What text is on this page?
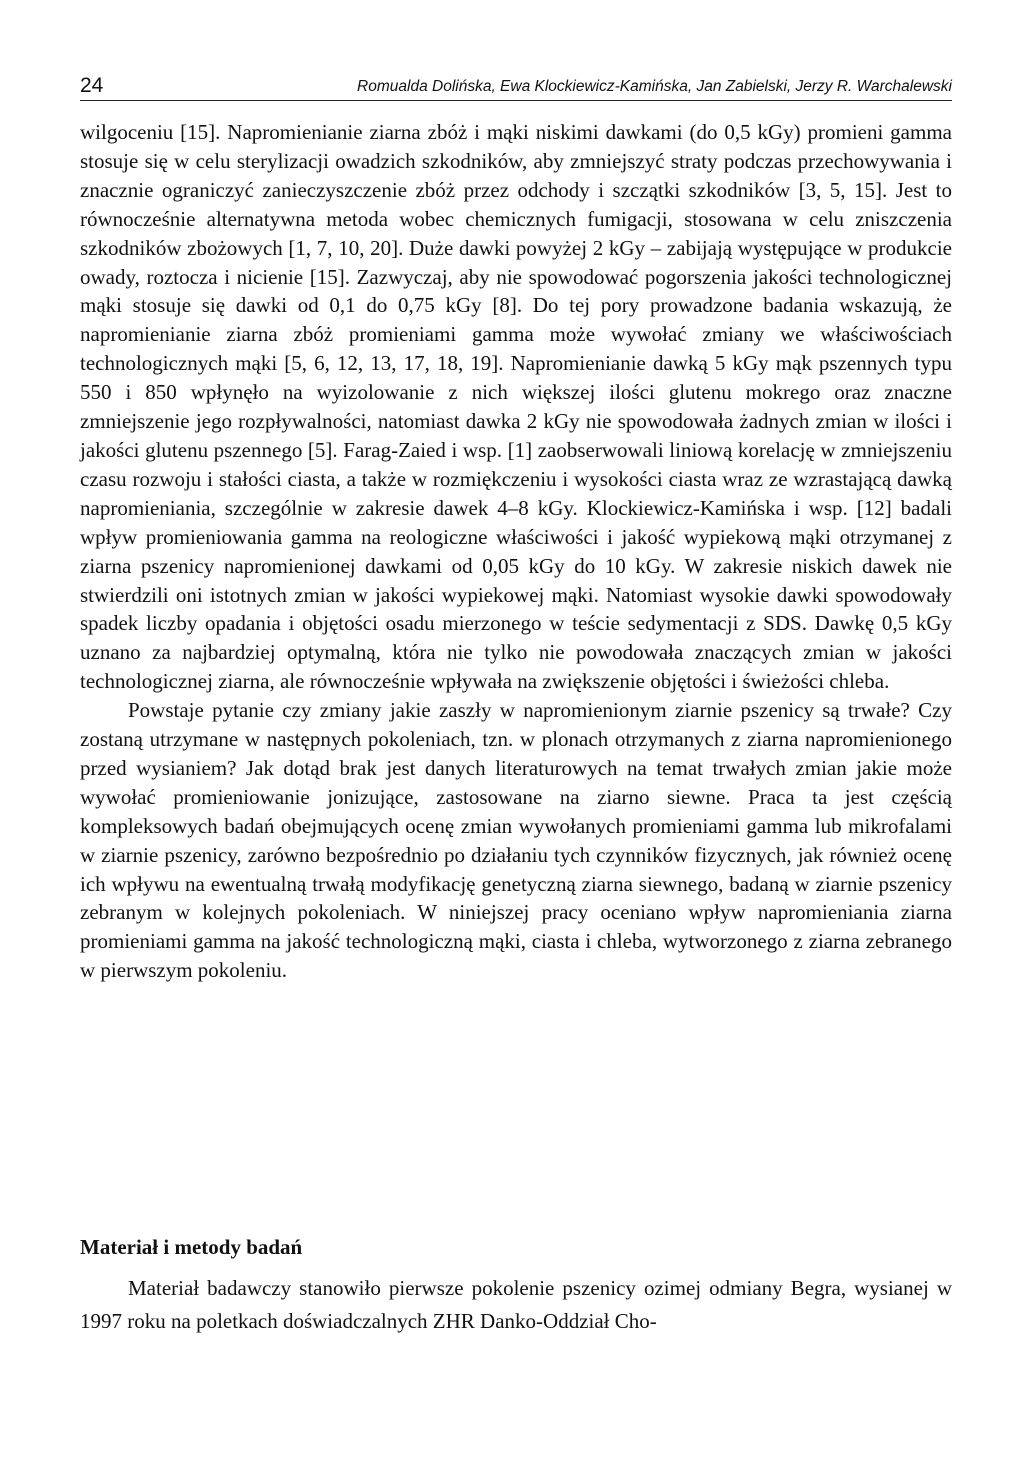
24	Romualda Dolińska, Ewa Klockiewicz-Kamińska, Jan Zabielski, Jerzy R. Warchalewski

wilgoceniu [15]. Napromienianie ziarna zbóż i mąki niskimi dawkami (do 0,5 kGy) promieni gamma stosuje się w celu sterylizacji owadzich szkodników, aby zmniejszyć straty podczas przechowywania i znacznie ograniczyć zanieczyszczenie zbóż przez odchody i szczątki szkodników [3, 5, 15]. Jest to równocześnie alternatywna metoda wobec chemicznych fumigacji, stosowana w celu zniszczenia szkodników zbożowych [1, 7, 10, 20]. Duże dawki powyżej 2 kGy – zabijają występujące w produkcie owady, roztocza i nicienie [15]. Zazwyczaj, aby nie spowodować pogorszenia jakości technologicznej mąki stosuje się dawki od 0,1 do 0,75 kGy [8]. Do tej pory prowadzone badania wskazują, że napromienianie ziarna zbóż promieniami gamma może wywołać zmiany we właściwościach technologicznych mąki [5, 6, 12, 13, 17, 18, 19]. Napromienianie dawką 5 kGy mąk pszennych typu 550 i 850 wpłynęło na wyizolowanie z nich większej ilości glutenu mokrego oraz znaczne zmniejszenie jego rozpływalności, natomiast dawka 2 kGy nie spowodowała żadnych zmian w ilości i jakości glutenu pszennego [5]. Farag-Zaied i wsp. [1] zaobserwowali liniową korelację w zmniejszeniu czasu rozwoju i stałości ciasta, a także w rozmiękczeniu i wysokości ciasta wraz ze wzrastającą dawką napromieniania, szczególnie w zakresie dawek 4–8 kGy. Klockiewicz-Kamińska i wsp. [12] badali wpływ promieniowania gamma na reologiczne właściwości i jakość wypiekową mąki otrzymanej z ziarna pszenicy napromienionej dawkami od 0,05 kGy do 10 kGy. W zakresie niskich dawek nie stwierdzili oni istotnych zmian w jakości wypiekowej mąki. Natomiast wysokie dawki spowodowały spadek liczby opadania i objętości osadu mierzonego w teście sedymentacji z SDS. Dawkę 0,5 kGy uznano za najbardziej optymalną, która nie tylko nie powodowała znaczących zmian w jakości technologicznej ziarna, ale równocześnie wpływała na zwiększenie objętości i świeżości chleba.

Powstaje pytanie czy zmiany jakie zaszły w napromienionym ziarnie pszenicy są trwałe? Czy zostaną utrzymane w następnych pokoleniach, tzn. w plonach otrzymanych z ziarna napromienionego przed wysianiem? Jak dotąd brak jest danych literaturowych na temat trwałych zmian jakie może wywołać promieniowanie jonizujące, zastosowane na ziarno siewne. Praca ta jest częścią kompleksowych badań obejmujących ocenę zmian wywołanych promieniami gamma lub mikrofalami w ziarnie pszenicy, zarówno bezpośrednio po działaniu tych czynników fizycznych, jak również ocenę ich wpływu na ewentualną trwałą modyfikację genetyczną ziarna siewnego, badaną w ziarnie pszenicy zebranym w kolejnych pokoleniach. W niniejszej pracy oceniano wpływ napromieniania ziarna promieniami gamma na jakość technologiczną mąki, ciasta i chleba, wytworzonego z ziarna zebranego w pierwszym pokoleniu.

Materiał i metody badań

Materiał badawczy stanowiło pierwsze pokolenie pszenicy ozimej odmiany Begra, wysianej w 1997 roku na poletkach doświadczalnych ZHR Danko-Oddział Cho-
